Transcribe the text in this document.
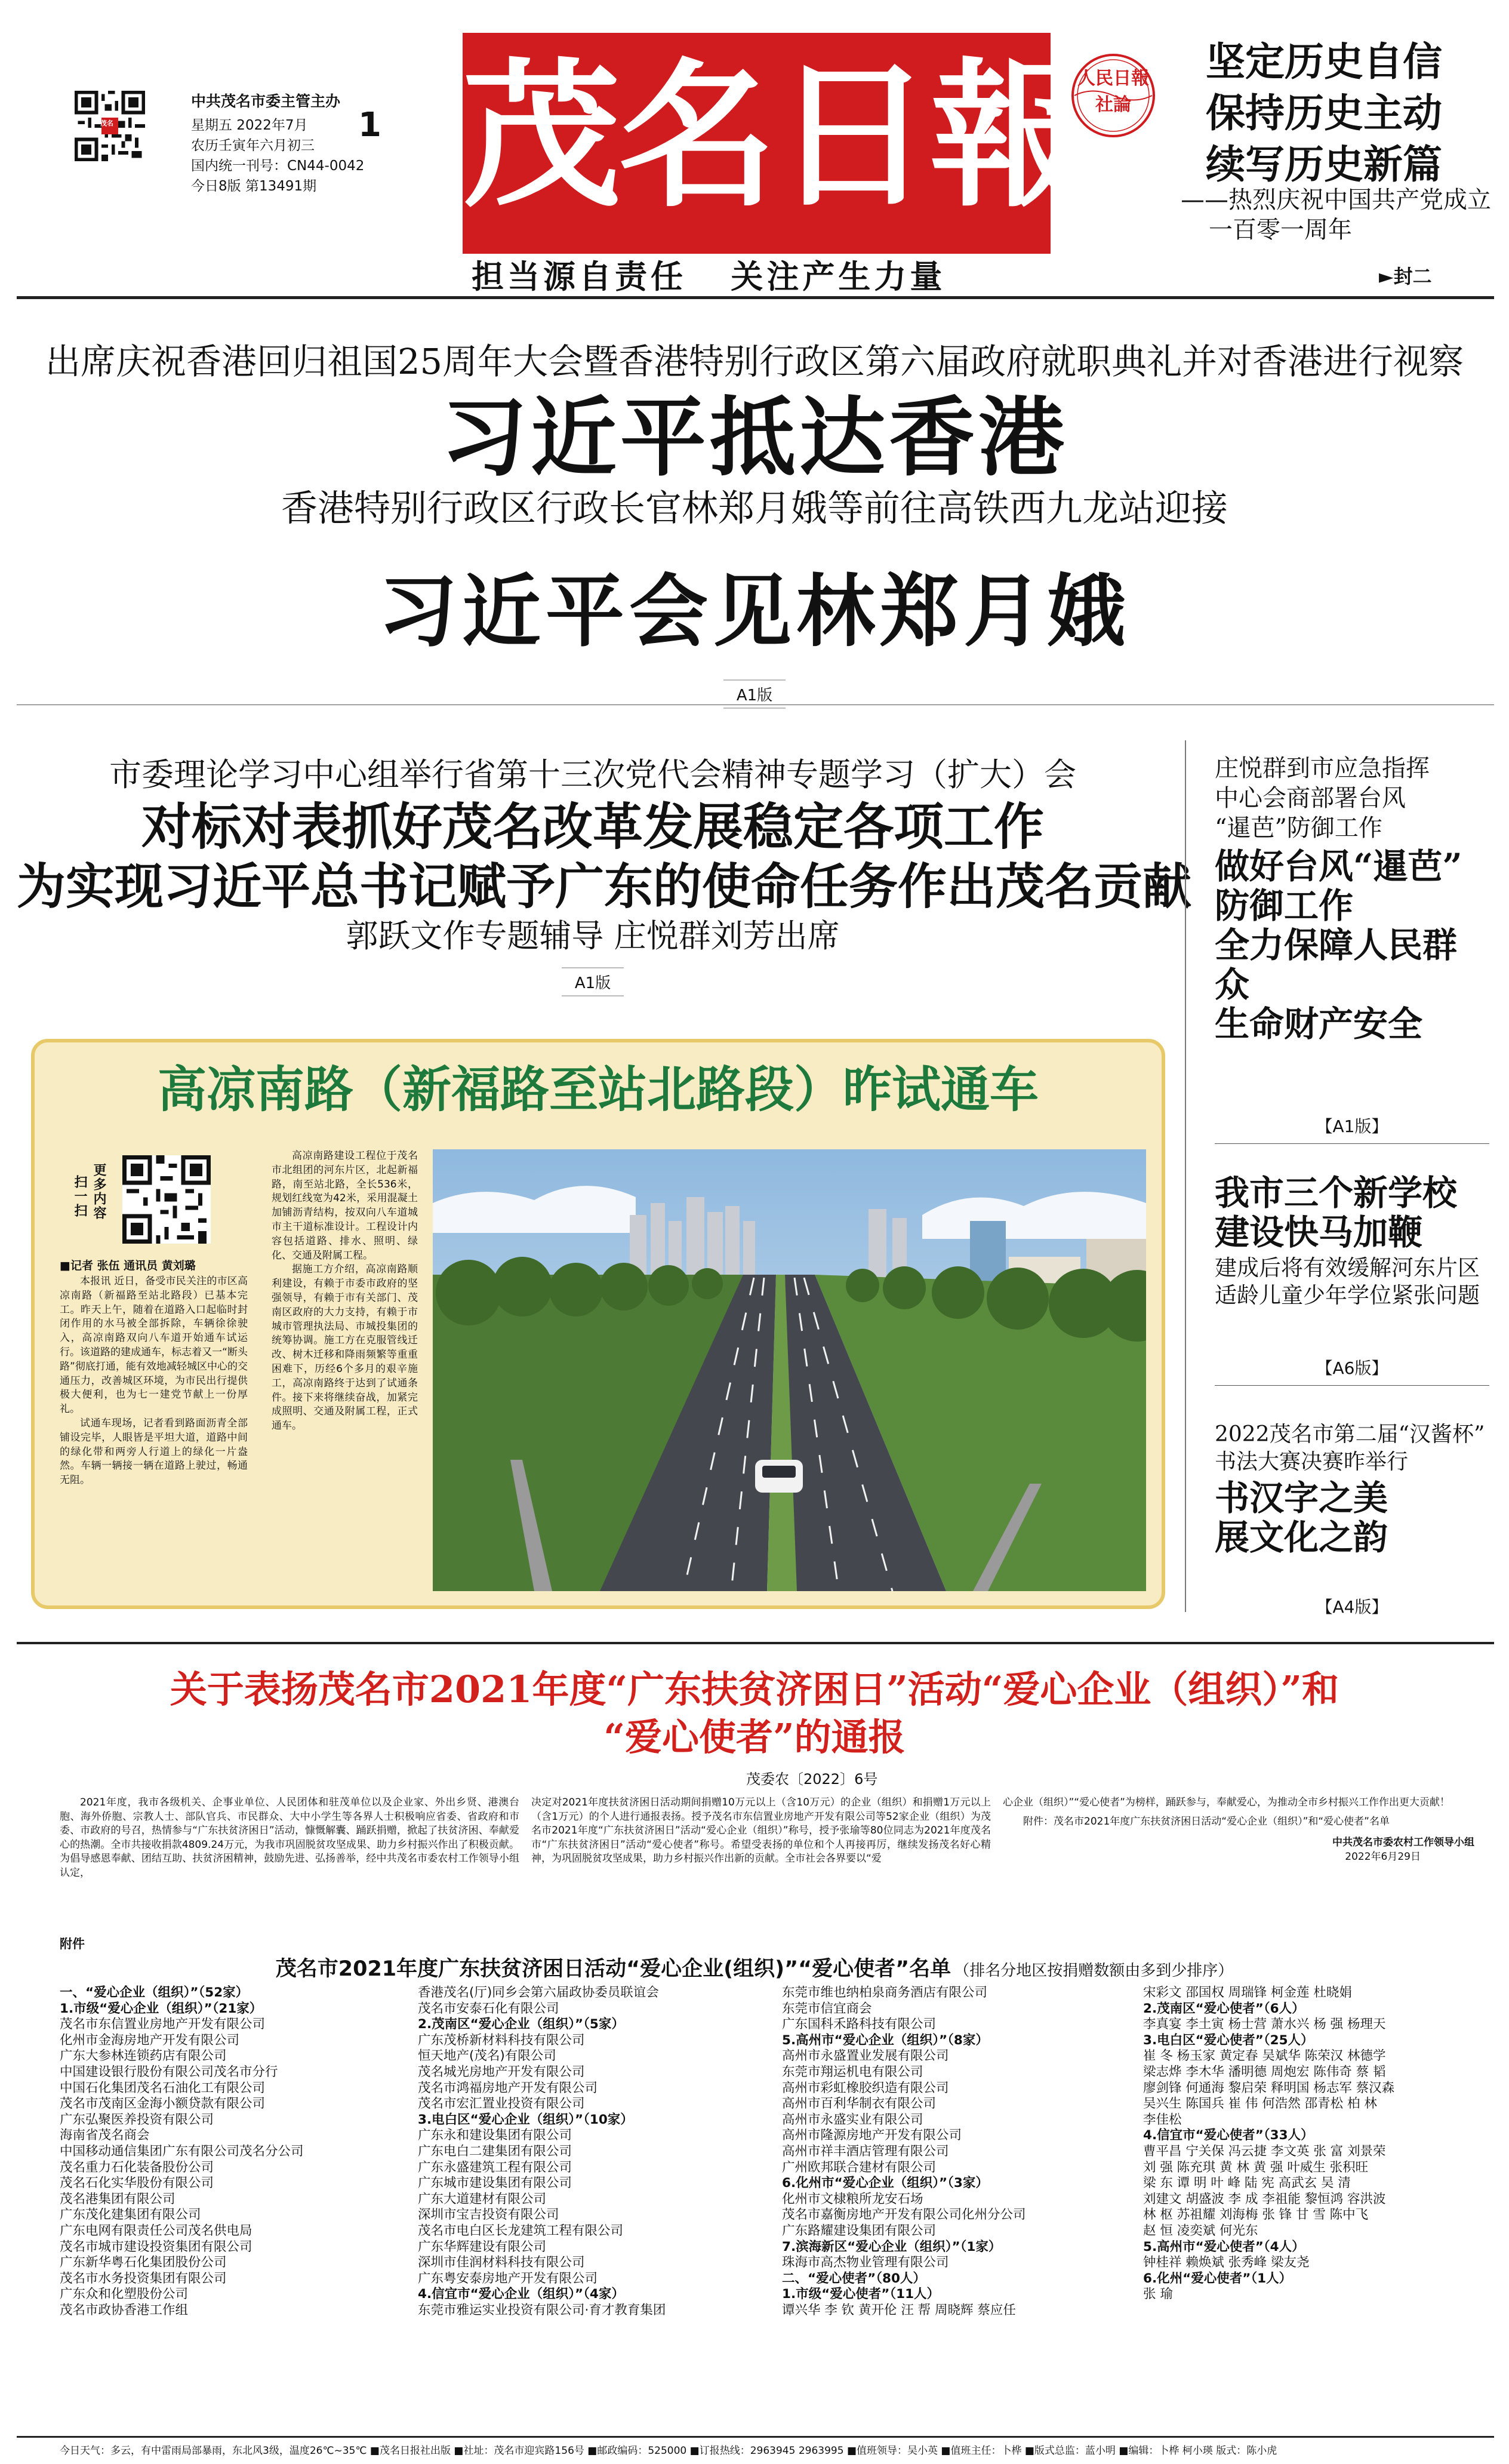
茂名
中共茂名市委主管主办
星期五 2022年7月
农历壬寅年六月初三
1
国内统一刊号：CN44-0042
今日8版 第13491期 茂名日報
担当源自责任   关注产生力量
人民日報
社論
坚定历史自信
保持历史主动
续写历史新篇
——热烈庆祝中国共产党成立
一百零一周年
►封二
出席庆祝香港回归祖国25周年大会暨香港特别行政区第六届政府就职典礼并对香港进行视察
习近平抵达香港
香港特别行政区行政长官林郑月娥等前往高铁西九龙站迎接
习近平会见林郑月娥
A1版
市委理论学习中心组举行省第十三次党代会精神专题学习（扩大）会
对标对表抓好茂名改革发展稳定各项工作
为实现习近平总书记赋予广东的使命任务作出茂名贡献
郭跃文作专题辅导 庄悦群刘芳出席
A1版
庄悦群到市应急指挥
中心会商部署台风
“暹芭”防御工作
做好台风“暹芭”
防御工作
全力保障人民群众
生命财产安全
【A1版】
我市三个新学校
建设快马加鞭
建成后将有效缓解河东片区
适龄儿童少年学位紧张问题
【A6版】
2022茂名市第二届“汉酱杯”
书法大赛决赛昨举行
书汉字之美
展文化之韵
【A4版】
高凉南路（新福路至站北路段）昨试通车
扫一扫 更多内容
■记者 张伍 通讯员 黄刘璐

本报讯 近日，备受市民关注的市区高凉南路（新福路至站北路段）已基本完工。昨天上午，随着在道路入口起临时封闭作用的水马被全部拆除，车辆徐徐驶入，高凉南路双向八车道开始通车试运行。该道路的建成通车，标志着又一“断头路”彻底打通，能有效地减轻城区中心的交通压力，改善城区环境，为市民出行提供极大便利，也为七一建党节献上一份厚礼。

试通车现场，记者看到路面沥青全部铺设完毕，人眼皆是平坦大道，道路中间的绿化带和两旁人行道上的绿化一片盎然。车辆一辆接一辆在道路上驶过，畅通无阻。

高凉南路建设工程位于茂名市北组团的河东片区，北起新福路，南至站北路，全长536米，规划红线宽为42米，采用混凝土加铺沥青结构，按双向八车道城市主干道标准设计。工程设计内容包括道路、排水、照明、绿化、交通及附属工程。

据施工方介绍，高凉南路顺利建设，有赖于市委市政府的坚强领导，有赖于市有关部门、茂南区政府的大力支持，有赖于市城市管理执法局、市城投集团的统筹协调。施工方在克服管线迁改、树木迁移和降雨频繁等重重困难下，历经6个多月的艰辛施工，高凉南路终于达到了试通条件。接下来将继续奋战，加紧完成照明、交通及附属工程，正式通车。

关于表扬茂名市2021年度“广东扶贫济困日”活动“爱心企业（组织）”和
“爱心使者”的通报
茂委农〔2022〕6号

2021年度，我市各级机关、企事业单位、人民团体和驻茂单位以及企业家、外出乡贤、港澳台胞、海外侨胞、宗教人士、部队官兵、市民群众、大中小学生等各界人士积极响应省委、省政府和市委、市政府的号召，热情参与“广东扶贫济困日”活动，慷慨解囊、踊跃捐赠，掀起了扶贫济困、奉献爱心的热潮。全市共接收捐款4809.24万元，为我市巩固脱贫攻坚成果、助力乡村振兴作出了积极贡献。为倡导感恩奉献、团结互助、扶贫济困精神，鼓励先进、弘扬善举，经中共茂名市委农村工作领导小组认定，

决定对2021年度扶贫济困日活动期间捐赠10万元以上（含10万元）的企业（组织）和捐赠1万元以上（含1万元）的个人进行通报表扬。授予茂名市东信置业房地产开发有限公司等52家企业（组织）为茂名市2021年度“广东扶贫济困日”活动“爱心企业（组织）”称号，授予张瑜等80位同志为2021年度茂名市“广东扶贫济困日”活动“爱心使者”称号。希望受表扬的单位和个人再接再厉，继续发扬茂名好心精神，为巩固脱贫攻坚成果，助力乡村振兴作出新的贡献。全市社会各界要以“爱

心企业（组织）”“爱心使者”为榜样，踊跃参与，奉献爱心，为推动全市乡村振兴工作作出更大贡献！

附件：茂名市2021年度广东扶贫济困日活动“爱心企业（组织）”和“爱心使者”名单

中共茂名市委农村工作领导小组
2022年6月29日
附件
茂名市2021年度广东扶贫济困日活动“爱心企业(组织)”“爱心使者”名单 （排名分地区按捐赠数额由多到少排序）
一、“爱心企业（组织）”（52家）
1.市级“爱心企业（组织）”（21家）
茂名市东信置业房地产开发有限公司
化州市金海房地产开发有限公司
广东大参林连锁药店有限公司
中国建设银行股份有限公司茂名市分行
中国石化集团茂名石油化工有限公司
茂名市茂南区金海小额贷款有限公司
广东弘聚医养投资有限公司
海南省茂名商会
中国移动通信集团广东有限公司茂名分公司
茂名重力石化装备股份公司
茂名石化实华股份有限公司
茂名港集团有限公司
广东茂化建集团有限公司
广东电网有限责任公司茂名供电局
茂名市城市建设投资集团有限公司
广东新华粤石化集团股份公司
茂名市水务投资集团有限公司
广东众和化塑股份公司
茂名市政协香港工作组
香港茂名(厅)同乡会第六届政协委员联谊会
茂名市安泰石化有限公司
2.茂南区“爱心企业（组织）”（5家）
广东茂桥新材料科技有限公司
恒天地产(茂名)有限公司
茂名城光房地产开发有限公司
茂名市鸿福房地产开发有限公司
茂名市宏汇置业投资有限公司
3.电白区“爱心企业（组织）”（10家）
广东永和建设集团有限公司
广东电白二建集团有限公司
广东永盛建筑工程有限公司
广东城市建设集团有限公司
广东大道建材有限公司
深圳市宝吉投资有限公司
茂名市电白区长龙建筑工程有限公司
广东华辉建设有限公司
深圳市佳润材料科技有限公司
广东粤安泰房地产开发有限公司
4.信宜市“爱心企业（组织）”（4家）
东莞市雅运实业投资有限公司·育才教育集团
东莞市维也纳柏泉商务酒店有限公司
东莞市信宜商会
广东国科禾路科技有限公司
5.高州市“爱心企业（组织）”（8家）
高州市永盛置业发展有限公司
东莞市翔运机电有限公司
高州市彩虹橡胶织造有限公司
高州市百利华制衣有限公司
高州市永盛实业有限公司
高州市隆源房地产开发有限公司
高州市祥丰酒店管理有限公司
广州欧邦联合建材有限公司
6.化州市“爱心企业（组织）”（3家）
化州市文棣粮所龙安石场
茂名市嘉衡房地产开发有限公司化州分公司
广东路耀建设集团有限公司
7.滨海新区“爱心企业（组织）”（1家）
珠海市高杰物业管理有限公司
二、“爱心使者”（80人）
1.市级“爱心使者”（11人）
谭兴华 李 钦 黄开伦 汪 帮 周晓辉 蔡应任
宋彩文 邵国权 周瑞锋 柯金莲 杜晓娟
2.茂南区“爱心使者”（6人）
李真宴 李土寅 杨士营 萧水兴 杨 强 杨理天
3.电白区“爱心使者”（25人）
崔 冬 杨玉家 黄定春 吴斌华 陈荣汉 林德学
梁志烨 李木华 潘明德 周炮宏 陈伟奇 蔡 韬
廖剑锋 何通海 黎启荣 释明国 杨志军 蔡汉森
吴兴生 陈国兵 崔 伟 何浩然 邵青松 柏 林
李佳松
4.信宜市“爱心使者”（33人）
曹平昌 宁关保 冯云捷 李文英 张 富 刘景荣
刘 强 陈充琪 黄 林 黄 强 叶威生 张积旺
梁 东 谭 明 叶 峰 陆 宪 高武玄 吴 清
刘建文 胡盛波 李 成 李祖能 黎恒鸿 容洪波
林 枢 苏祖耀 刘海梅 张 锋 甘 雪 陈中飞
赵 恒 凌奕斌 何光东
5.高州市“爱心使者”（4人）
钟桂祥 赖焕斌 张秀峰 梁友尧
6.化州“爱心使者”（1人）
张 瑜
今日天气：多云，有中雷雨局部暴雨，东北风3级，温度26℃~35℃ ■茂名日报社出版 ■社址：茂名市迎宾路156号 ■邮政编码：525000 ■订报热线：2963945 2963995 ■值班领导：吴小英 ■值班主任：卜桦 ■版式总监：蓝小明 ■编辑：卜桦 柯小瑛 版式：陈小虎
